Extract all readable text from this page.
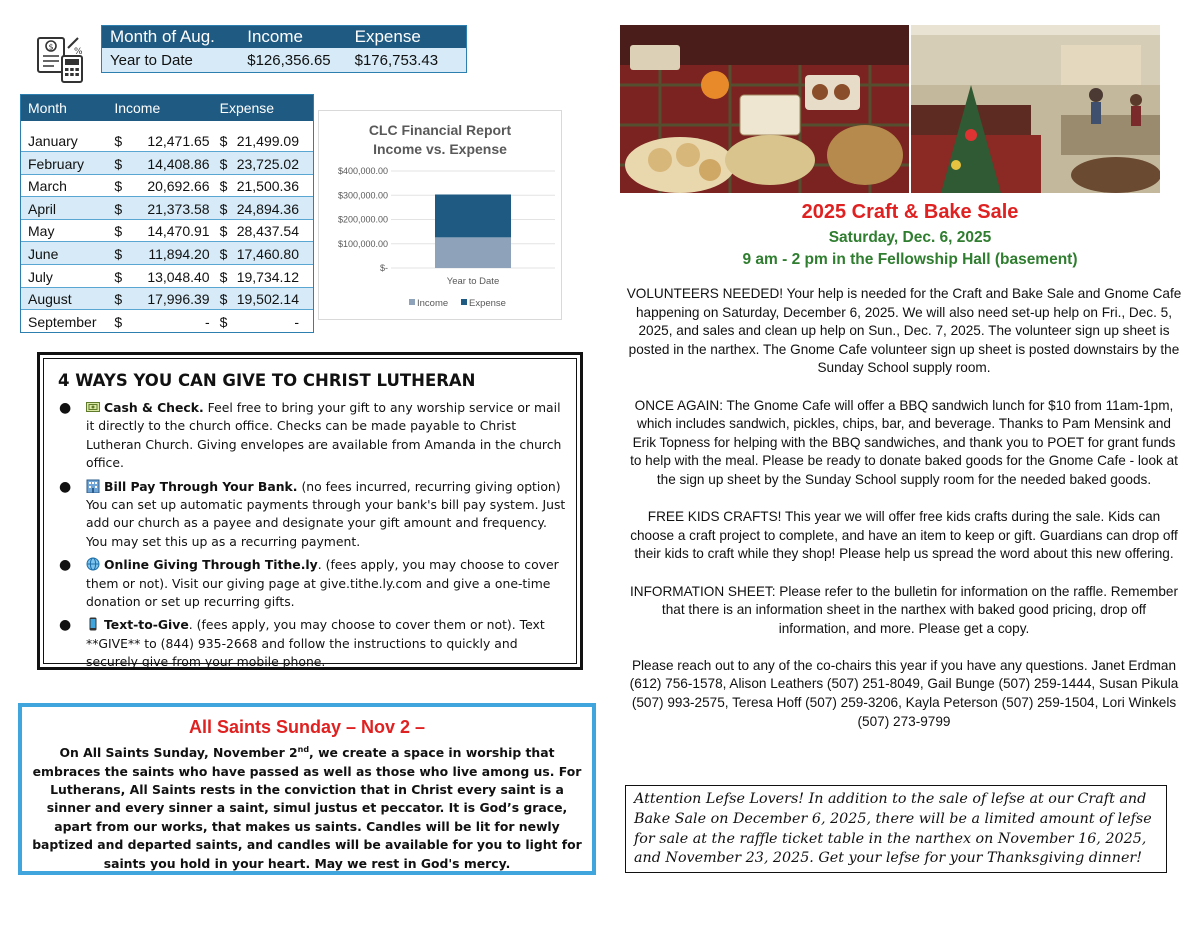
$ %
Month of Aug.	Income	Expense
Year to Date	$126,356.65	$176,753.43
Month	Income	Expense
January	$ 12,471.65 $ 21,499.09
February	$ 14,408.86 $ 23,725.02
March	$ 20,692.66 $ 21,500.36
April	$ 21,373.58 $ 24,894.36
May	$ 14,470.91 $ 28,437.54
June	$ 11,894.20 $ 17,460.80
July	$ 13,048.40 $ 19,734.12
August	$ 17,996.39 $ 19,502.14
September	$	- $	-
CLC Financial Report
Income vs. Expense
$-
$100,000.00
$200,000.00
$300,000.00
$400,000.00
Year to Date
Income Expense
4 WAYS YOU CAN GIVE TO CHRIST LUTHERAN
●	Cash & Check. Feel free to bring your gift to any worship service or mail it directly to the church office. Checks can be made payable to Christ Lutheran Church. Giving envelopes are available from Amanda in the church office.
●	Bill Pay Through Your Bank. (no fees incurred, recurring giving option) You can set up automatic payments through your bank's bill pay system. Just add our church as a payee and designate your gift amount and frequency. You may set this up as a recurring payment.
●	Online Giving Through Tithe.ly. (fees apply, you may choose to cover them or not). Visit our giving page at give.tithe.ly.com and give a one-time donation or set up recurring gifts.
●	Text-to-Give. (fees apply, you may choose to cover them or not). Text **GIVE** to (844) 935-2668 and follow the instructions to quickly and securely give from your mobile phone.
All Saints Sunday – Nov 2 –
On All Saints Sunday, November 2nd, we create a space in worship that embraces the saints who have passed as well as those who live among us. For Lutherans, All Saints rests in the conviction that in Christ every saint is a sinner and every sinner a saint, simul justus et peccator. It is God’s grace, apart from our works, that makes us saints. Candles will be lit for newly baptized and departed saints, and candles will be available for you to light for saints you hold in your heart. May we rest in God's mercy.
2025 Craft & Bake Sale
Saturday, Dec. 6, 2025
9 am - 2 pm in the Fellowship Hall (basement)

VOLUNTEERS NEEDED! Your help is needed for the Craft and Bake Sale and Gnome Cafe happening on Saturday, December 6, 2025. We will also need set-up help on Fri., Dec. 5, 2025, and sales and clean up help on Sun., Dec. 7, 2025. The volunteer sign up sheet is posted in the narthex. The Gnome Cafe volunteer sign up sheet is posted downstairs by the Sunday School supply room.

ONCE AGAIN: The Gnome Cafe will offer a BBQ sandwich lunch for $10 from 11am-1pm, which includes sandwich, pickles, chips, bar, and beverage. Thanks to Pam Mensink and Erik Topness for helping with the BBQ sandwiches, and thank you to POET for grant funds to help with the meal. Please be ready to donate baked goods for the Gnome Cafe - look at the sign up sheet by the Sunday School supply room for the needed baked goods.

FREE KIDS CRAFTS! This year we will offer free kids crafts during the sale. Kids can choose a craft project to complete, and have an item to keep or gift. Guardians can drop off their kids to craft while they shop! Please help us spread the word about this new offering.

INFORMATION SHEET: Please refer to the bulletin for information on the raffle. Remember that there is an information sheet in the narthex with baked good pricing, drop off information, and more. Please get a copy.

Please reach out to any of the co-chairs this year if you have any questions. Janet Erdman (612) 756-1578, Alison Leathers (507) 251-8049, Gail Bunge (507) 259-1444, Susan Pikula (507) 993-2575, Teresa Hoff (507) 259-3206, Kayla Peterson (507) 259-1504, Lori Winkels (507) 273-9799

Attention Lefse Lovers! In addition to the sale of lefse at our Craft and Bake Sale on December 6, 2025, there will be a limited amount of lefse for sale at the raffle ticket table in the narthex on November 16, 2025, and November 23, 2025. Get your lefse for your Thanksgiving dinner!
